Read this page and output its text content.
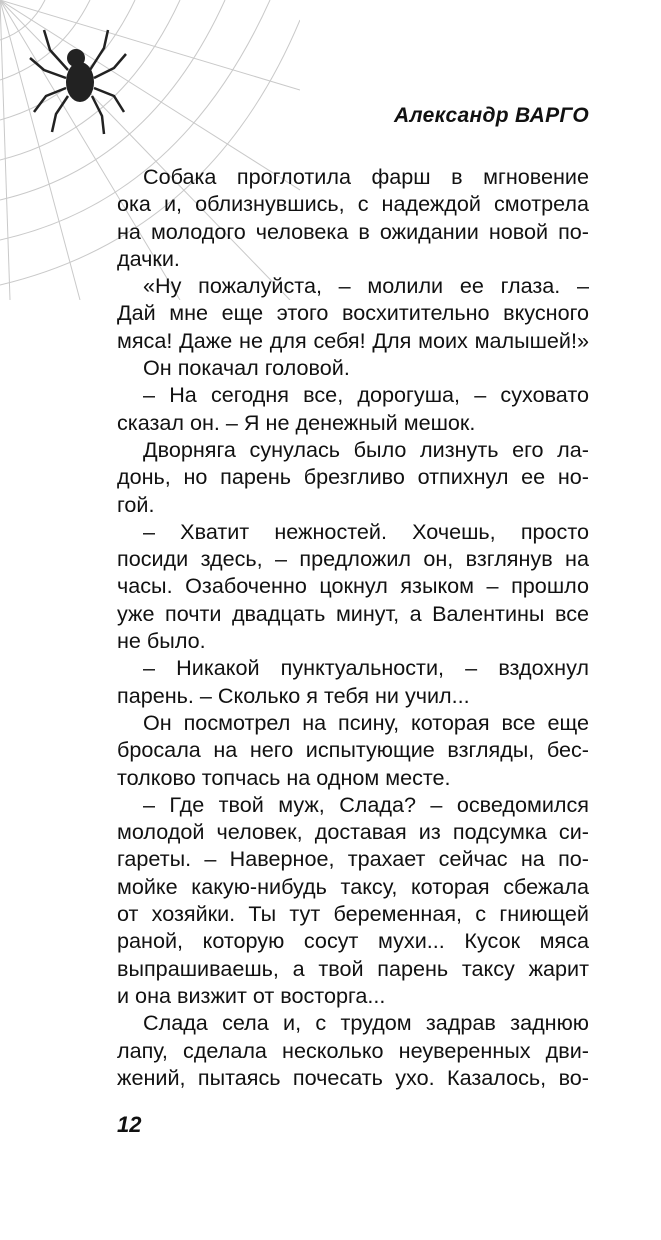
Александр ВАРГО
Собака проглотила фарш в мгновение
ока и, облизнувшись, с надеждой смотрела
на молодого человека в ожидании новой по-
дачки.
«Ну пожалуйста, – молили ее глаза. –
Дай мне еще этого восхитительно вкусного
мяса! Даже не для себя! Для моих малышей!»
Он покачал головой.
– На сегодня все, дорогуша, – суховато
сказал он. – Я не денежный мешок.
Дворняга сунулась было лизнуть его ла-
донь, но парень брезгливо отпихнул ее но-
гой.
– Хватит нежностей. Хочешь, просто
посиди здесь, – предложил он, взглянув на
часы. Озабоченно цокнул языком – прошло
уже почти двадцать минут, а Валентины все
не было.
– Никакой пунктуальности, – вздохнул
парень. – Сколько я тебя ни учил...
Он посмотрел на псину, которая все еще
бросала на него испытующие взгляды, бес-
толково топчась на одном месте.
– Где твой муж, Слада? – осведомился
молодой человек, доставая из подсумка си-
гареты. – Наверное, трахает сейчас на по-
мойке какую-нибудь таксу, которая сбежала
от хозяйки. Ты тут беременная, с гниющей
раной, которую сосут мухи... Кусок мяса
выпрашиваешь, а твой парень таксу жарит
и она визжит от восторга...
Слада села и, с трудом задрав заднюю
лапу, сделала несколько неуверенных дви-
жений, пытаясь почесать ухо. Казалось, во-
12
